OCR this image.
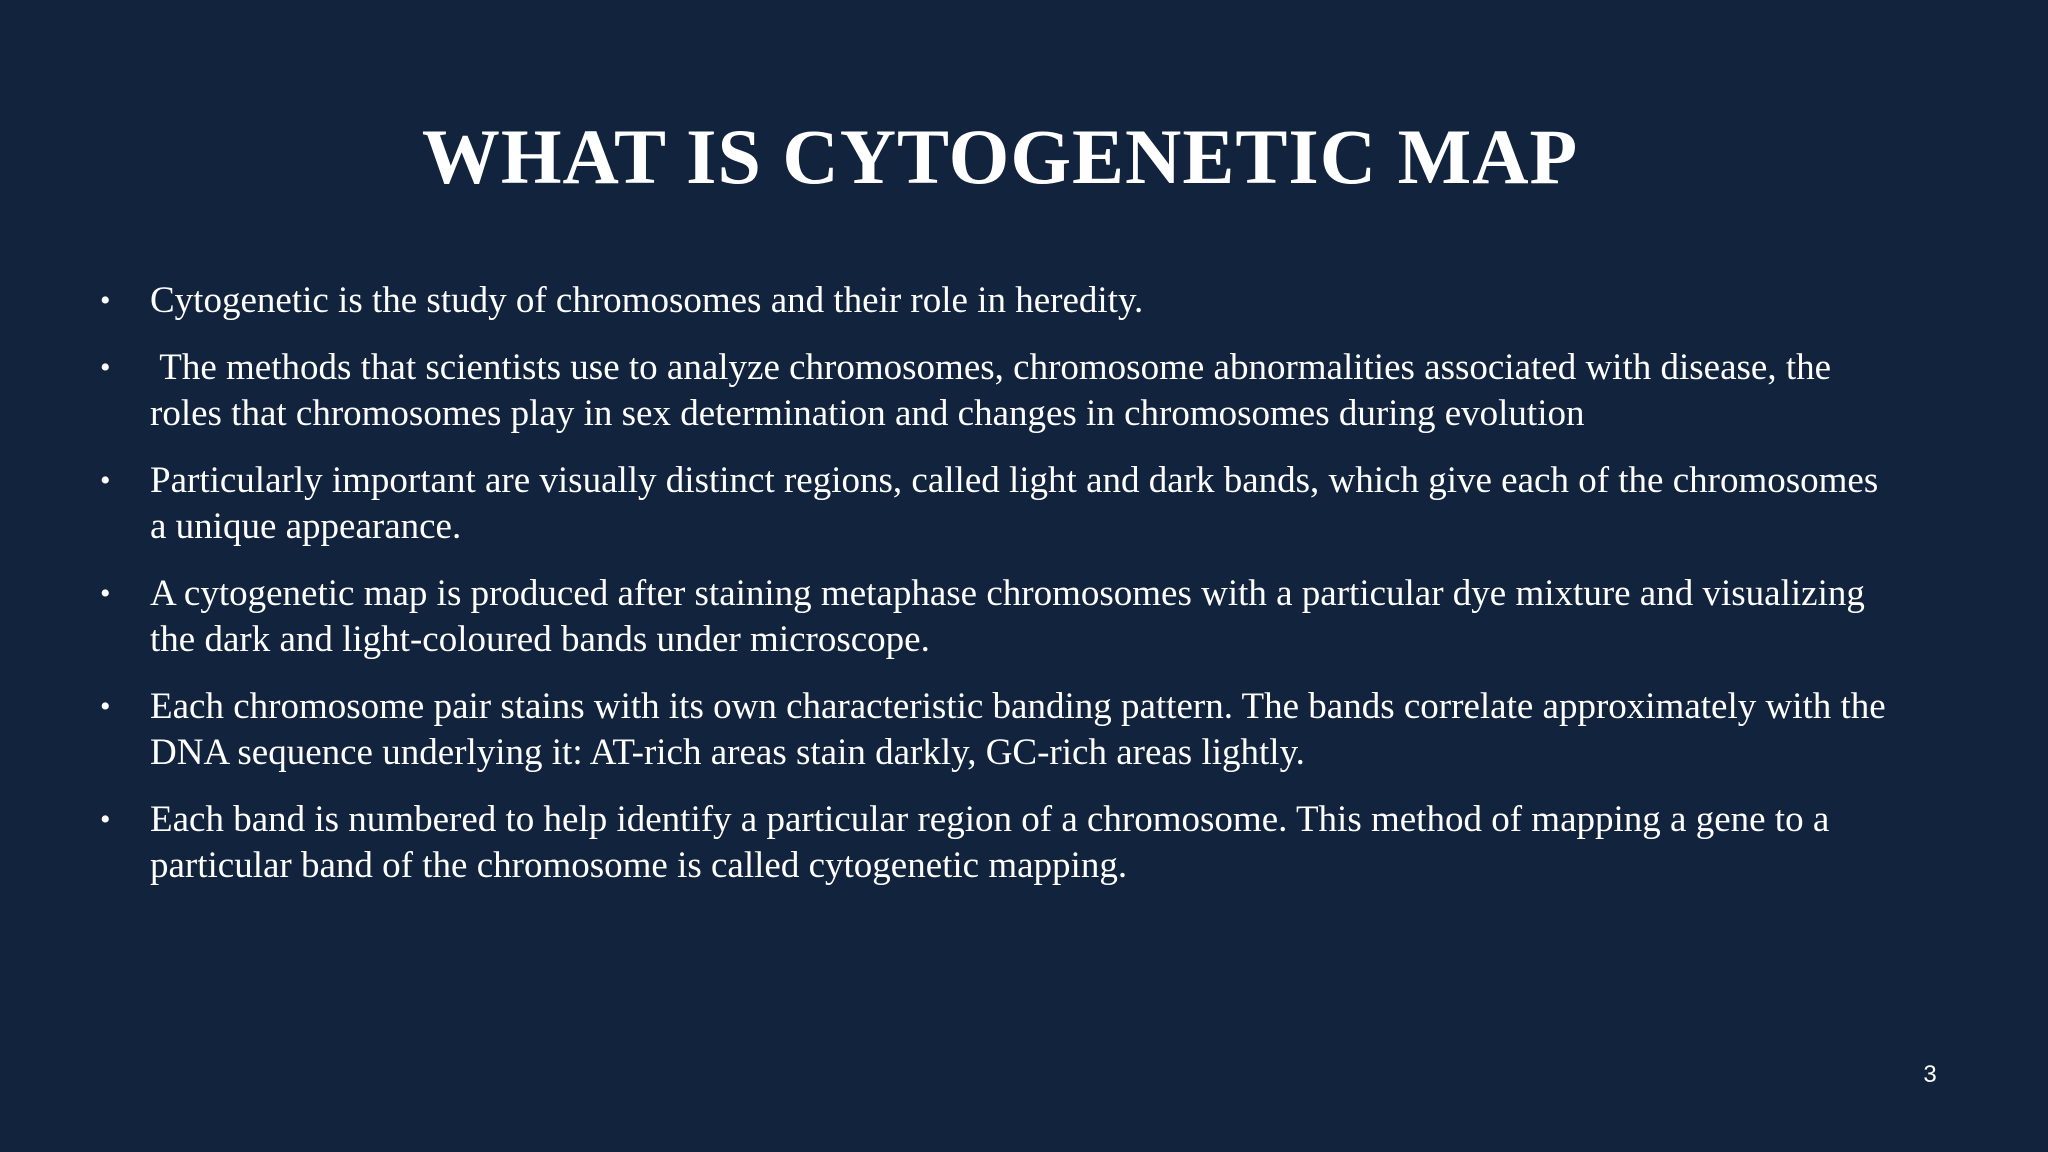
WHAT IS CYTOGENETIC MAP
• Cytogenetic is the study of chromosomes and their role in heredity.
• The methods that scientists use to analyze chromosomes, chromosome abnormalities associated with disease, the roles that chromosomes play in sex determination and changes in chromosomes during evolution
• Particularly important are visually distinct regions, called light and dark bands, which give each of the chromosomes a unique appearance.
• A cytogenetic map is produced after staining metaphase chromosomes with a particular dye mixture and visualizing the dark and light-coloured bands under microscope.
• Each chromosome pair stains with its own characteristic banding pattern. The bands correlate approximately with the DNA sequence underlying it: AT-rich areas stain darkly, GC-rich areas lightly.
• Each band is numbered to help identify a particular region of a chromosome. This method of mapping a gene to a particular band of the chromosome is called cytogenetic mapping.
3
